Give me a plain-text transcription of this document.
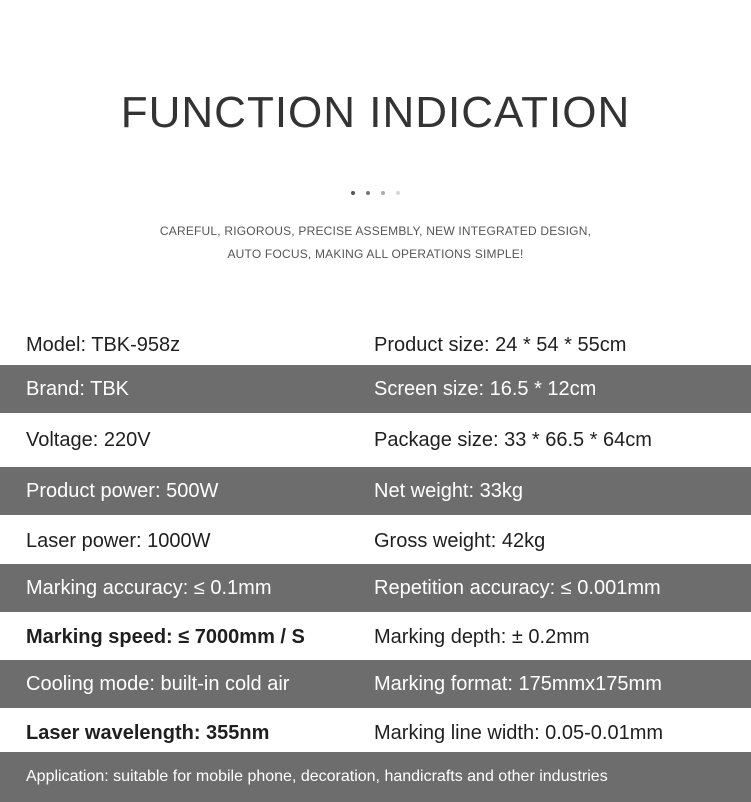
FUNCTION INDICATION
CAREFUL, RIGOROUS, PRECISE ASSEMBLY, NEW INTEGRATED DESIGN,
AUTO FOCUS, MAKING ALL OPERATIONS SIMPLE!
Model: TBK-958z	Product size: 24 * 54 * 55cm
Brand: TBK	Screen size: 16.5 * 12cm
Voltage: 220V	Package size: 33 * 66.5 * 64cm
Product power: 500W	Net weight: 33kg
Laser power: 1000W	Gross weight: 42kg
Marking accuracy: ≤ 0.1mm	Repetition accuracy: ≤ 0.001mm
Marking speed: ≤ 7000mm / S	Marking depth: ± 0.2mm
Cooling mode: built-in cold air	Marking format: 175mmx175mm
Laser wavelength: 355nm	Marking line width: 0.05-0.01mm
Application: suitable for mobile phone, decoration, handicrafts and other industries
